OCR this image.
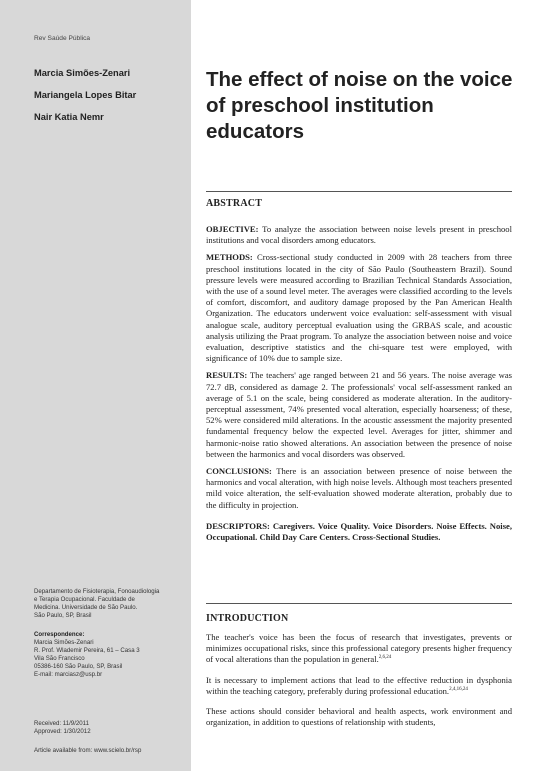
Rev Saúde Pública
Marcia Simões-Zenari
Mariangela Lopes Bitar
Nair Katia Nemr
Departamento de Fisioterapia, Fonoaudiologia
e Terapia Ocupacional. Faculdade de
Medicina. Universidade de São Paulo.
São Paulo, SP, Brasil
Correspondence:
Marcia Simões-Zenari
R. Prof. Wlademir Pereira, 61 – Casa 3
Vila São Francisco
05386-160 São Paulo, SP, Brasil
E-mail: marciasz@usp.br
Received: 11/9/2011
Approved: 1/30/2012
Article available from: www.scielo.br/rsp
The effect of noise on the voice of preschool institution educators
ABSTRACT

OBJECTIVE: To analyze the association between noise levels present in preschool institutions and vocal disorders among educators.

METHODS: Cross-sectional study conducted in 2009 with 28 teachers from three preschool institutions located in the city of São Paulo (Southeastern Brazil). Sound pressure levels were measured according to Brazilian Technical Standards Association, with the use of a sound level meter. The averages were classified according to the levels of comfort, discomfort, and auditory damage proposed by the Pan American Health Organization. The educators underwent voice evaluation: self-assessment with visual analogue scale, auditory perceptual evaluation using the GRBAS scale, and acoustic analysis utilizing the Praat program. To analyze the association between noise and voice evaluation, descriptive statistics and the chi-square test were employed, with significance of 10% due to sample size.

RESULTS: The teachers' age ranged between 21 and 56 years. The noise average was 72.7 dB, considered as damage 2. The professionals' vocal self-assessment ranked an average of 5.1 on the scale, being considered as moderate alteration. In the auditory-perceptual assessment, 74% presented vocal alteration, especially hoarseness; of these, 52% were considered mild alterations. In the acoustic assessment the majority presented fundamental frequency below the expected level. Averages for jitter, shimmer and harmonic-noise ratio showed alterations. An association between the presence of noise between the harmonics and vocal disorders was observed.

CONCLUSIONS: There is an association between presence of noise between the harmonics and vocal alteration, with high noise levels. Although most teachers presented mild voice alteration, the self-evaluation showed moderate alteration, probably due to the difficulty in projection.

DESCRIPTORS: Caregivers. Voice Quality. Voice Disorders. Noise Effects. Noise, Occupational. Child Day Care Centers. Cross-Sectional Studies.

INTRODUCTION

The teacher's voice has been the focus of research that investigates, prevents or minimizes occupational risks, since this professional category presents higher frequency of vocal alterations than the population in general.$^{2,6,24}$

It is necessary to implement actions that lead to the effective reduction in dysphonia within the teaching category, preferably during professional education.$^{2,4,16,24}$

These actions should consider behavioral and health aspects, work environment and organization, in addition to questions of relationship with students,
